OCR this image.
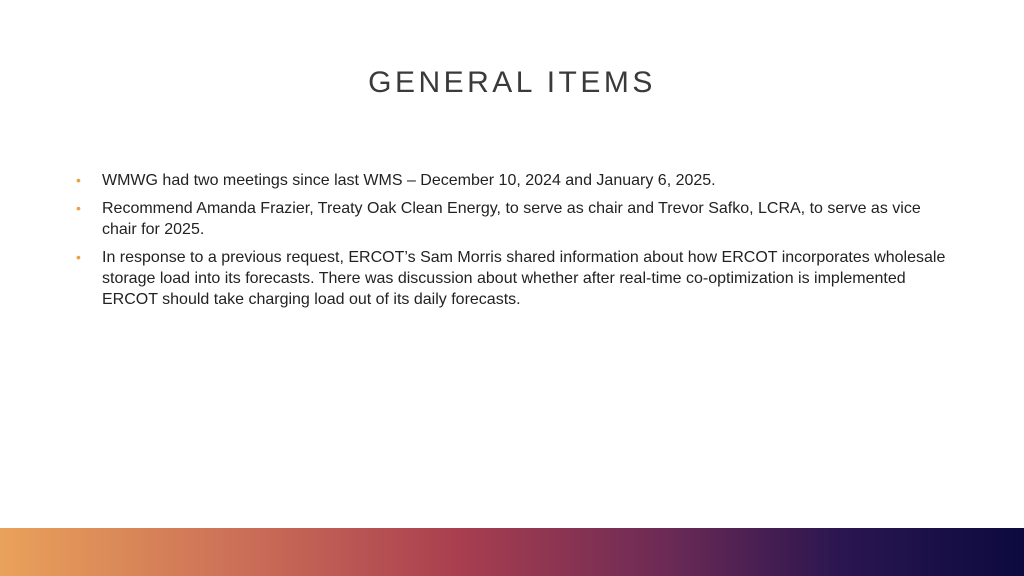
GENERAL ITEMS
• WMWG had two meetings since last WMS – December 10, 2024 and January 6, 2025.
• Recommend Amanda Frazier, Treaty Oak Clean Energy, to serve as chair and Trevor Safko, LCRA, to serve as vice chair for 2025.
• In response to a previous request, ERCOT’s Sam Morris shared information about how ERCOT incorporates wholesale storage load into its forecasts. There was discussion about whether after real-time co-optimization is implemented ERCOT should take charging load out of its daily forecasts.
